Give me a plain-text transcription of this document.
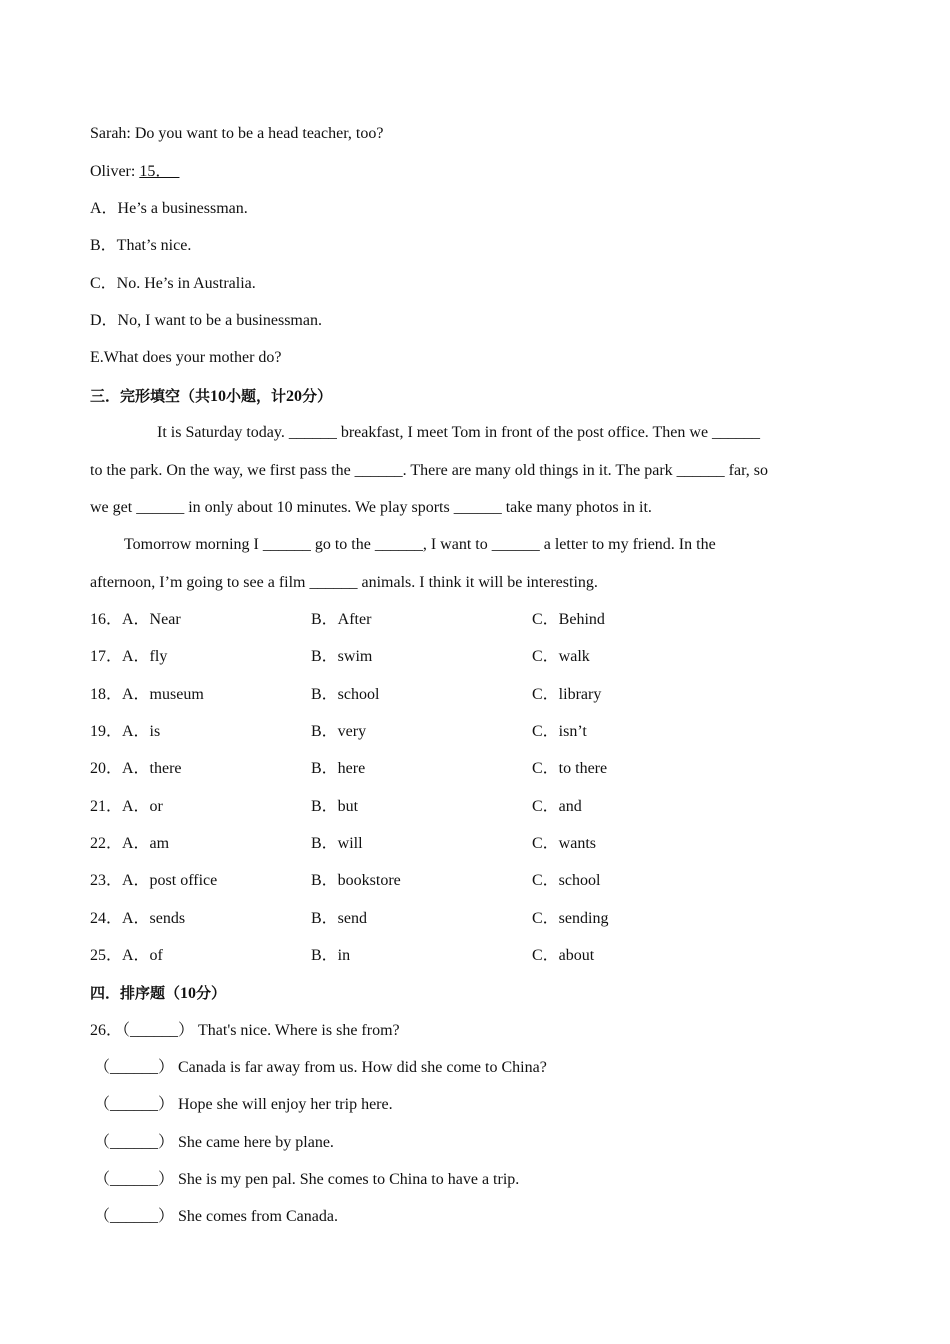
Sarah: Do you want to be a head teacher, too?
Oliver: 15．_
A．He’s a businessman.
B．That’s nice.
C．No. He’s in Australia.
D．No, I want to be a businessman.
E.What does your mother do?
三．完形填空（共10小题，计20分）
It is Saturday today. ______ breakfast, I meet Tom in front of the post office. Then we ______
to the park. On the way, we first pass the ______. There are many old things in it. The park ______ far, so
we get ______ in only about 10 minutes. We play sports ______ take many photos in it.
Tomorrow morning I ______ go to the ______, I want to ______ a letter to my friend. In the
afternoon, I’m going to see a film ______ animals. I think it will be interesting.
16．A．Near	B．After	C．Behind
17．A．fly	B．swim	C．walk
18．A．museum	B．school	C．library
19．A．is	B．very	C．isn’t
20．A．there	B．here	C．to there
21．A．or	B．but	C．and
22．A．am	B．will	C．wants
23．A．post office	B．bookstore	C．school
24．A．sends	B．send	C．sending
25．A．of	B．in	C．about
四．排序题（10分）
26．（______） That's nice. Where is she from?
（______） Canada is far away from us. How did she come to China?
（______） Hope she will enjoy her trip here.
（______） She came here by plane.
（______） She is my pen pal. She comes to China to have a trip.
（______） She comes from Canada.
